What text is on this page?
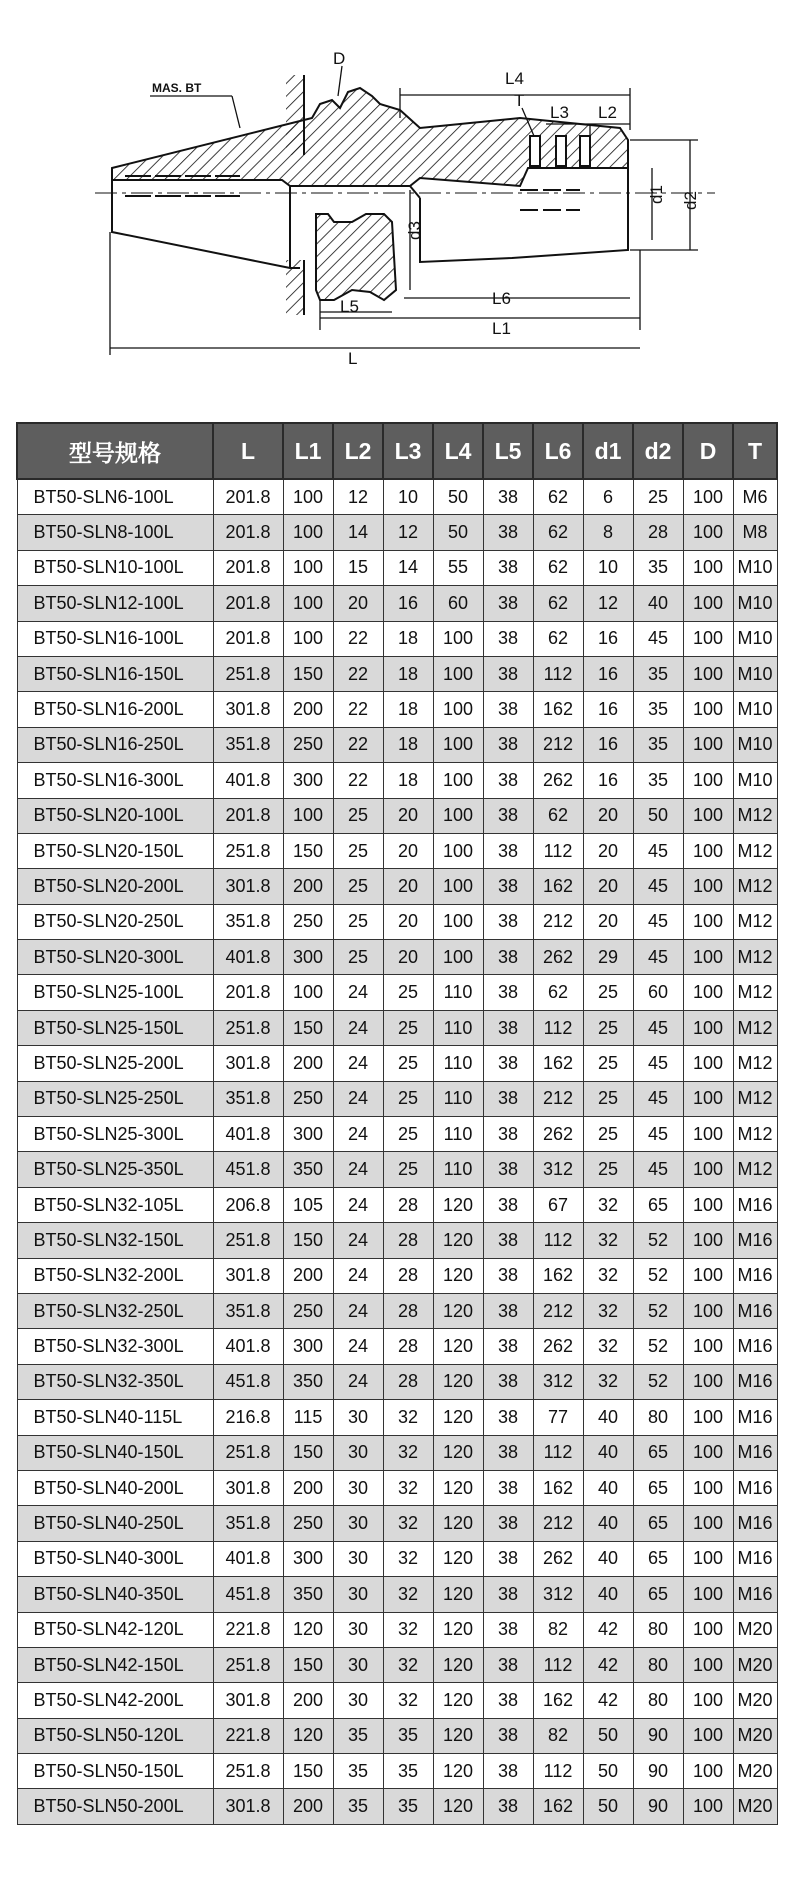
MAS. BT
D
L4
T
L3 L2
d1 d2
d3
L5	L6
L1
L
型号规格	L	L1	L2	L3	L4	L5	L6	d1	d2	D	T
BT50-SLN6-100L	201.8	100	12	10	50	38	62	6	25	100	M6
BT50-SLN8-100L	201.8	100	14	12	50	38	62	8	28	100	M8
BT50-SLN10-100L	201.8	100	15	14	55	38	62	10	35	100	M10
BT50-SLN12-100L	201.8	100	20	16	60	38	62	12	40	100	M10
BT50-SLN16-100L	201.8	100	22	18	100	38	62	16	45	100	M10
BT50-SLN16-150L	251.8	150	22	18	100	38	112	16	35	100	M10
BT50-SLN16-200L	301.8	200	22	18	100	38	162	16	35	100	M10
BT50-SLN16-250L	351.8	250	22	18	100	38	212	16	35	100	M10
BT50-SLN16-300L	401.8	300	22	18	100	38	262	16	35	100	M10
BT50-SLN20-100L	201.8	100	25	20	100	38	62	20	50	100	M12
BT50-SLN20-150L	251.8	150	25	20	100	38	112	20	45	100	M12
BT50-SLN20-200L	301.8	200	25	20	100	38	162	20	45	100	M12
BT50-SLN20-250L	351.8	250	25	20	100	38	212	20	45	100	M12
BT50-SLN20-300L	401.8	300	25	20	100	38	262	29	45	100	M12
BT50-SLN25-100L	201.8	100	24	25	110	38	62	25	60	100	M12
BT50-SLN25-150L	251.8	150	24	25	110	38	112	25	45	100	M12
BT50-SLN25-200L	301.8	200	24	25	110	38	162	25	45	100	M12
BT50-SLN25-250L	351.8	250	24	25	110	38	212	25	45	100	M12
BT50-SLN25-300L	401.8	300	24	25	110	38	262	25	45	100	M12
BT50-SLN25-350L	451.8	350	24	25	110	38	312	25	45	100	M12
BT50-SLN32-105L	206.8	105	24	28	120	38	67	32	65	100	M16
BT50-SLN32-150L	251.8	150	24	28	120	38	112	32	52	100	M16
BT50-SLN32-200L	301.8	200	24	28	120	38	162	32	52	100	M16
BT50-SLN32-250L	351.8	250	24	28	120	38	212	32	52	100	M16
BT50-SLN32-300L	401.8	300	24	28	120	38	262	32	52	100	M16
BT50-SLN32-350L	451.8	350	24	28	120	38	312	32	52	100	M16
BT50-SLN40-115L	216.8	115	30	32	120	38	77	40	80	100	M16
BT50-SLN40-150L	251.8	150	30	32	120	38	112	40	65	100	M16
BT50-SLN40-200L	301.8	200	30	32	120	38	162	40	65	100	M16
BT50-SLN40-250L	351.8	250	30	32	120	38	212	40	65	100	M16
BT50-SLN40-300L	401.8	300	30	32	120	38	262	40	65	100	M16
BT50-SLN40-350L	451.8	350	30	32	120	38	312	40	65	100	M16
BT50-SLN42-120L	221.8	120	30	32	120	38	82	42	80	100	M20
BT50-SLN42-150L	251.8	150	30	32	120	38	112	42	80	100	M20
BT50-SLN42-200L	301.8	200	30	32	120	38	162	42	80	100	M20
BT50-SLN50-120L	221.8	120	35	35	120	38	82	50	90	100	M20
BT50-SLN50-150L	251.8	150	35	35	120	38	112	50	90	100	M20
BT50-SLN50-200L	301.8	200	35	35	120	38	162	50	90	100	M20
